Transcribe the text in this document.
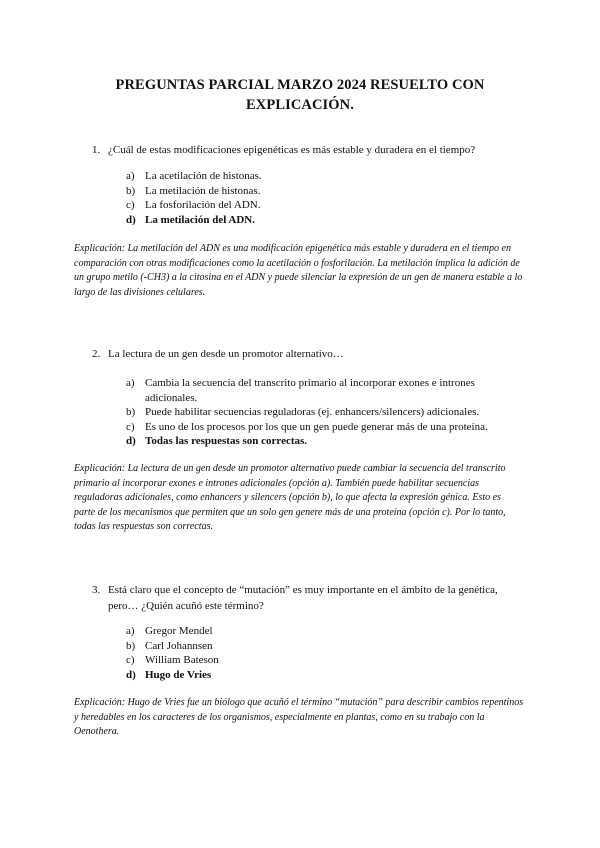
PREGUNTAS PARCIAL MARZO 2024 RESUELTO CON
EXPLICACIÓN.
1. ¿Cuál de estas modificaciones epigenéticas es más estable y duradera en el tiempo?
a) La acetilación de histonas.
b) La metilación de histonas.
c) La fosforilación del ADN.
d) La metilación del ADN.
Explicación: La metilación del ADN es una modificación epigenética más estable y duradera en el tiempo en comparación con otras modificaciones como la acetilación o fosforilación. La metilación implica la adición de un grupo metilo (-CH3) a la citosina en el ADN y puede silenciar la expresión de un gen de manera estable a lo largo de las divisiones celulares.
2. La lectura de un gen desde un promotor alternativo…
a) Cambia la secuencia del transcrito primario al incorporar exones e intrones adicionales.
b) Puede habilitar secuencias reguladoras (ej. enhancers/silencers) adicionales.
c) Es uno de los procesos por los que un gen puede generar más de una proteína.
d) Todas las respuestas son correctas.
Explicación: La lectura de un gen desde un promotor alternativo puede cambiar la secuencia del transcrito primario al incorporar exones e intrones adicionales (opción a). También puede habilitar secuencias reguladoras adicionales, como enhancers y silencers (opción b), lo que afecta la expresión génica. Esto es parte de los mecanismos que permiten que un solo gen genere más de una proteína (opción c). Por lo tanto, todas las respuestas son correctas.
3. Está claro que el concepto de “mutación” es muy importante en el ámbito de la genética, pero… ¿Quién acuñó este término?
a) Gregor Mendel
b) Carl Johannsen
c) William Bateson
d) Hugo de Vries
Explicación: Hugo de Vries fue un biólogo que acuñó el término “mutación” para describir cambios repentinos y heredables en los caracteres de los organismos, especialmente en plantas, como en su trabajo con la Oenothera.
